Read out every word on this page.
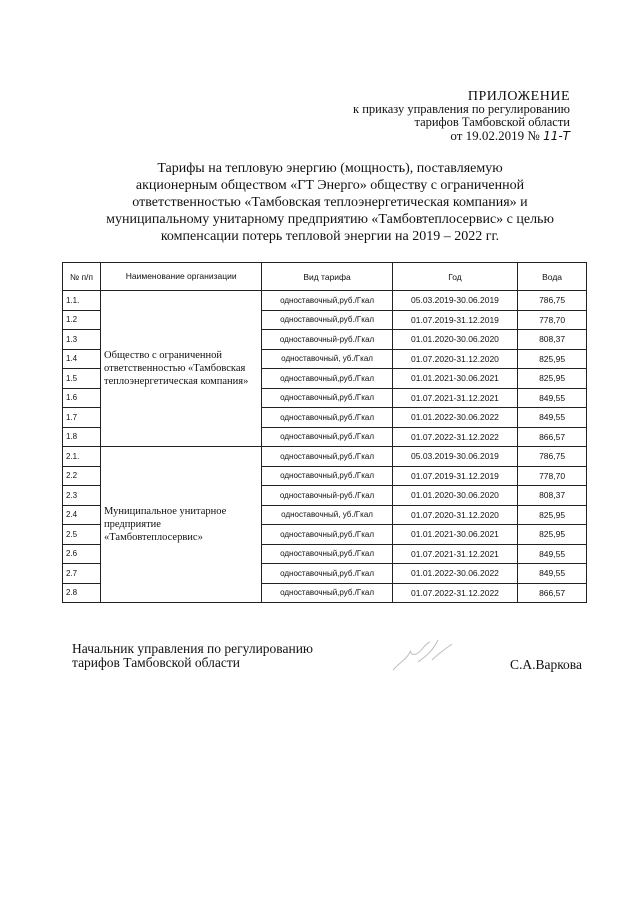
ПРИЛОЖЕНИЕ
к приказу управления по регулированию
тарифов Тамбовской области
от 19.02.2019 № 11-Т
Тарифы на тепловую энергию (мощность), поставляемую
акционерным обществом «ГТ Энерго» обществу с ограниченной
ответственностью «Тамбовская теплоэнергетическая компания» и
муниципальному унитарному предприятию «Тамбовтеплосервис» с целью
компенсации потерь тепловой энергии на 2019 – 2022 гг.
№ п/п	Наименование организации	Вид тарифа	Год	Вода
1.1.	Общество с ограниченной ответственностью «Тамбовская теплоэнергетическая компания»	одноставочный,руб./Гкал	05.03.2019-30.06.2019	786,75
1.2		одноставочный,руб./Гкал	01.07.2019-31.12.2019	778,70
1.3		одноставочный-руб./Гкал	01.01.2020-30.06.2020	808,37
1.4		одноставочный, уб./Гкал	01.07.2020-31.12.2020	825,95
1.5		одноставочный,руб./Гкал	01.01.2021-30.06.2021	825,95
1.6		одноставочный,руб./Гкал	01.07.2021-31.12.2021	849,55
1.7		одноставочный,руб./Гкал	01.01.2022-30.06.2022	849,55
1.8		одноставочный,руб./Гкал	01.07.2022-31.12.2022	866,57
2.1.	Муниципальное унитарное предприятие «Тамбовтеплосервис»	одноставочный,руб./Гкал	05.03.2019-30.06.2019	786,75
2.2		одноставочный,руб./Гкал	01.07.2019-31.12.2019	778,70
2.3		одноставочный-руб./Гкал	01.01.2020-30.06.2020	808,37
2.4		одноставочный, уб./Гкал	01.07.2020-31.12.2020	825,95
2.5		одноставочный,руб./Гкал	01.01.2021-30.06.2021	825,95
2.6		одноставочный,руб./Гкал	01.07.2021-31.12.2021	849,55
2.7		одноставочный,руб./Гкал	01.01.2022-30.06.2022	849,55
2.8		одноставочный,руб./Гкал	01.07.2022-31.12.2022	866,57
Начальник управления по регулированию
тарифов Тамбовской области	С.А.Варкова
